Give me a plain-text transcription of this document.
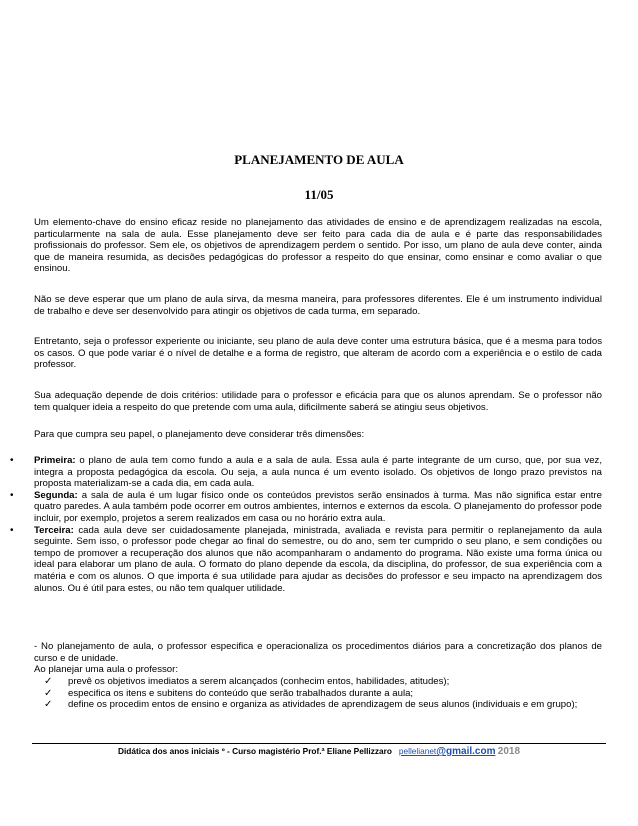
PLANEJAMENTO DE AULA
11/05

Um elemento-chave do ensino eficaz reside no planejamento das atividades de ensino e de aprendizagem realizadas na escola, particularmente na sala de aula. Esse planejamento deve ser feito para cada dia de aula e é parte das responsabilidades profissionais do professor. Sem ele, os objetivos de aprendizagem perdem o sentido. Por isso, um plano de aula deve conter, ainda que de maneira resumida, as decisões pedagógicas do professor a respeito do que ensinar, como ensinar e como avaliar o que ensinou.

Não se deve esperar que um plano de aula sirva, da mesma maneira, para professores diferentes. Ele é um instrumento individual de trabalho e deve ser desenvolvido para atingir os objetivos de cada turma, em separado.

Entretanto, seja o professor experiente ou iniciante, seu plano de aula deve conter uma estrutura básica, que é a mesma para todos os casos. O que pode variar é o nível de detalhe e a forma de registro, que alteram de acordo com a experiência e o estilo de cada professor.

Sua adequação depende de dois critérios: utilidade para o professor e eficácia para que os alunos aprendam. Se o professor não tem qualquer ideia a respeito do que pretende com uma aula, dificilmente saberá se atingiu seus objetivos.

Para que cumpra seu papel, o planejamento deve considerar três dimensões:

• Primeira: o plano de aula tem como fundo a aula e a sala de aula. Essa aula é parte integrante de um curso, que, por sua vez, integra a proposta pedagógica da escola. Ou seja, a aula nunca é um evento isolado. Os objetivos de longo prazo previstos na proposta materializam-se a cada dia, em cada aula.
• Segunda: a sala de aula é um lugar físico onde os conteúdos previstos serão ensinados à turma. Mas não significa estar entre quatro paredes. A aula também pode ocorrer em outros ambientes, internos e externos da escola. O planejamento do professor pode incluir, por exemplo, projetos a serem realizados em casa ou no horário extra aula.
• Terceira: cada aula deve ser cuidadosamente planejada, ministrada, avaliada e revista para permitir o replanejamento da aula seguinte. Sem isso, o professor pode chegar ao final do semestre, ou do ano, sem ter cumprido o seu plano, e sem condições ou tempo de promover a recuperação dos alunos que não acompanharam o andamento do programa. Não existe uma forma única ou ideal para elaborar um plano de aula. O formato do plano depende da escola, da disciplina, do professor, de sua experiência com a matéria e com os alunos. O que importa é sua utilidade para ajudar as decisões do professor e seu impacto na aprendizagem dos alunos. Ou é útil para estes, ou não tem qualquer utilidade.

- No planejamento de aula, o professor especifica e operacionaliza os procedimentos diários para a concretização dos planos de curso e de unidade.

Ao planejar uma aula o professor:

✓ prevê os objetivos imediatos a serem alcançados (conhecim entos, habilidades, atitudes);
✓ especifica os itens e subitens do conteúdo que serão trabalhados durante a aula;
✓ define os procedim entos de ensino e organiza as atividades de aprendizagem de seus alunos (individuais e em grupo);
Didática dos anos iniciais º - Curso magistério Prof.ª Eliane Pellizzaro pellelianet@gmail.com 2018
